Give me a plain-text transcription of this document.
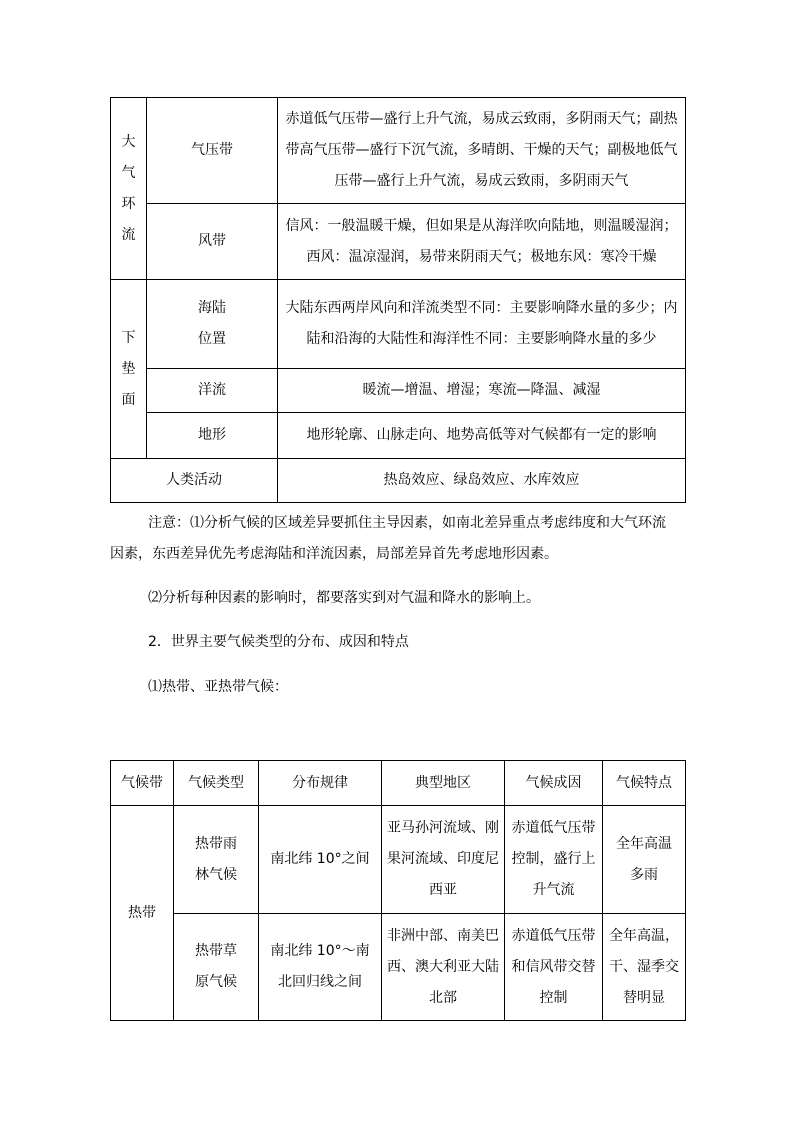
大
气
环
流	气压带	赤道低气压带—盛行上升气流，易成云致雨，多阴雨天气；副热
带高气压带—盛行下沉气流，多晴朗、干燥的天气；副极地低气
压带—盛行上升气流，易成云致雨，多阴雨天气

	风带	信风：一般温暖干燥，但如果是从海洋吹向陆地，则温暖湿润；
西风：温凉湿润，易带来阴雨天气；极地东风：寒冷干燥

下
垫
面	海陆
位置	大陆东西两岸风向和洋流类型不同：主要影响降水量的多少；内
陆和沿海的大陆性和海洋性不同：主要影响降水量的多少

	洋流	暖流—增温、增湿；寒流—降温、减湿
	地形	地形轮廓、山脉走向、地势高低等对气候都有一定的影响
人类活动		热岛效应、绿岛效应、水库效应

注意：⑴分析气候的区域差异要抓住主导因素，如南北差异重点考虑纬度和大气环流

因素，东西差异优先考虑海陆和洋流因素，局部差异首先考虑地形因素。

⑵分析每种因素的影响时，都要落实到对气温和降水的影响上。

2．世界主要气候类型的分布、成因和特点

⑴热带、亚热带气候：

气候带	气候类型	分布规律	典型地区	气候成因	气候特点
热带	热带雨
林气候	南北纬 10°之间	亚马孙河流域、刚
果河流域、印度尼
西亚	赤道低气压带
控制，盛行上
升气流	全年高温
多雨

	热带草
原气候	南北纬 10°～南
北回归线之间	非洲中部、南美巴
西、澳大利亚大陆
北部	赤道低气压带
和信风带交替
控制	全年高温，
干、湿季交
替明显
